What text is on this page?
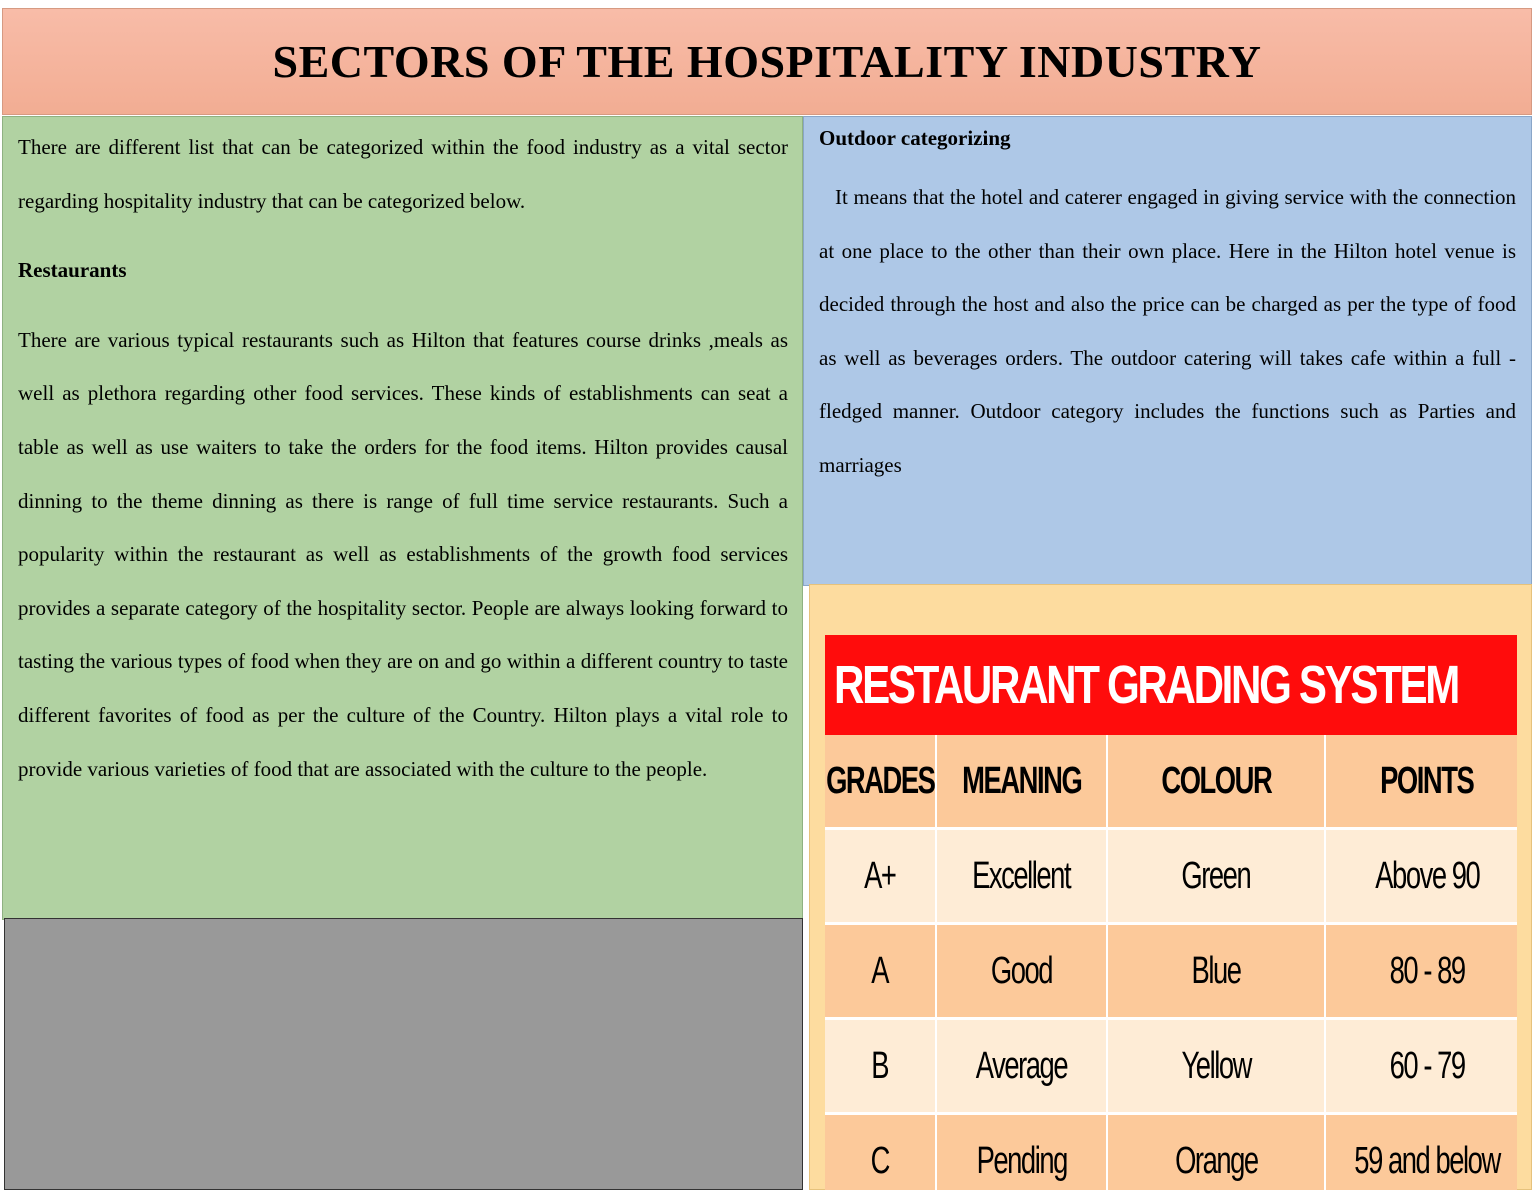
SECTORS OF THE HOSPITALITY INDUSTRY

There are different list that can be categorized within the food industry as a vital sector regarding hospitality industry that can be categorized below.

Restaurants

There are various typical restaurants such as Hilton that features course drinks ,meals as well as plethora regarding other food services. These kinds of establishments can seat a table as well as use waiters to take the orders for the food items. Hilton provides causal dinning to the theme dinning as there is range of full time service restaurants. Such a popularity within the restaurant as well as establishments of the growth food services provides a separate category of the hospitality sector. People are always looking forward to tasting the various types of food when they are on and go within a different country to taste different favorites of food as per the culture of the Country. Hilton plays a vital role to provide various varieties of food that are associated with the culture to the people.

Outdoor categorizing

It means that the hotel and caterer engaged in giving service with the connection at one place to the other than their own place. Here in the Hilton hotel venue is decided through the host and also the price can be charged as per the type of food as well as beverages orders. The outdoor catering will takes cafe within a full -fledged manner. Outdoor category includes the functions such as Parties and marriages

RESTAURANT GRADING SYSTEM
GRADES MEANING COLOUR	POINTS
A+ Excellent	Green	Above 90
A	Good	Blue	80 - 89
B Average	Yellow	60 - 79
C Pending	Orange	59 and below
